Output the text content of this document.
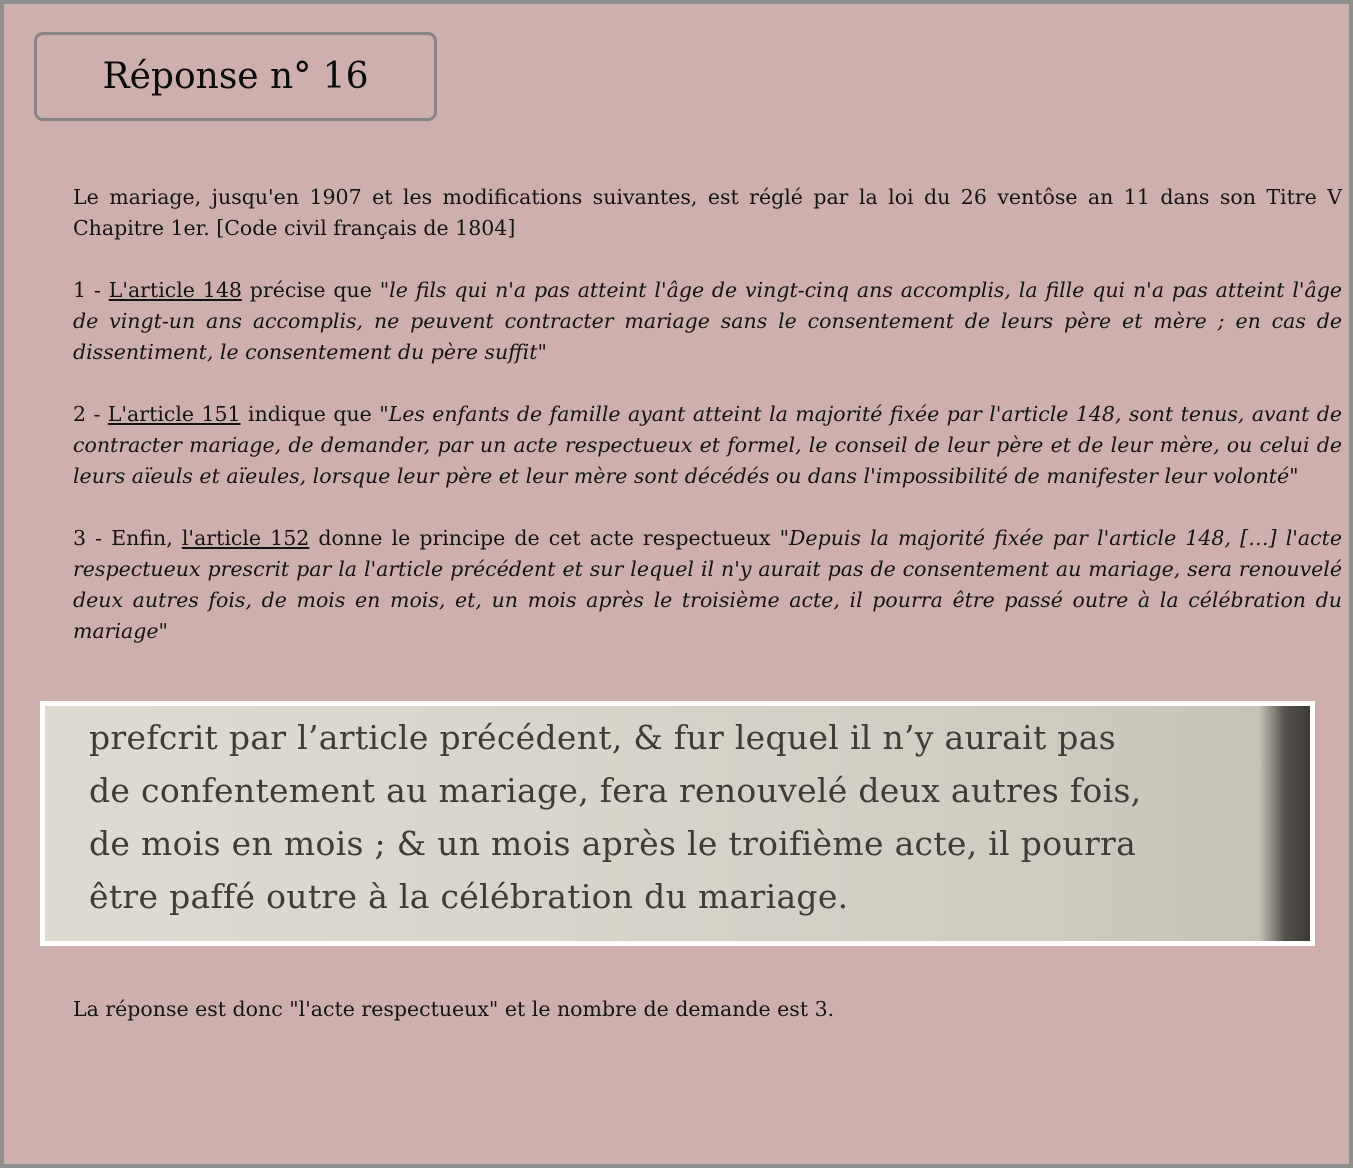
Réponse n° 16

Le mariage, jusqu'en 1907 et les modifications suivantes, est réglé par la loi du 26 ventôse an 11 dans son Titre V Chapitre 1er. [Code civil français de 1804]

1 - L'article 148 précise que "le fils qui n'a pas atteint l'âge de vingt-cinq ans accomplis, la fille qui n'a pas atteint l'âge de vingt-un ans accomplis, ne peuvent contracter mariage sans le consentement de leurs père et mère ; en cas de dissentiment, le consentement du père suffit"

2 - L'article 151 indique que "Les enfants de famille ayant atteint la majorité fixée par l'article 148, sont tenus, avant de contracter mariage, de demander, par un acte respectueux et formel, le conseil de leur père et de leur mère, ou celui de leurs aïeuls et aïeules, lorsque leur père et leur mère sont décédés ou dans l'impossibilité de manifester leur volonté"

3 - Enfin, l'article 152 donne le principe de cet acte respectueux "Depuis la majorité fixée par l'article 148, […] l'acte respectueux prescrit par la l'article précédent et sur lequel il n'y aurait pas de consentement au mariage, sera renouvelé deux autres fois, de mois en mois, et, un mois après le troisième acte, il pourra être passé outre à la célébration du mariage"

prefcrit par l’article précédent, & fur lequel il n’y aurait pas
de confentement au mariage, fera renouvelé deux autres fois,
de mois en mois ; & un mois après le troifième acte, il pourra
être paffé outre à la célébration du mariage.
La réponse est donc "l'acte respectueux" et le nombre de demande est 3.
